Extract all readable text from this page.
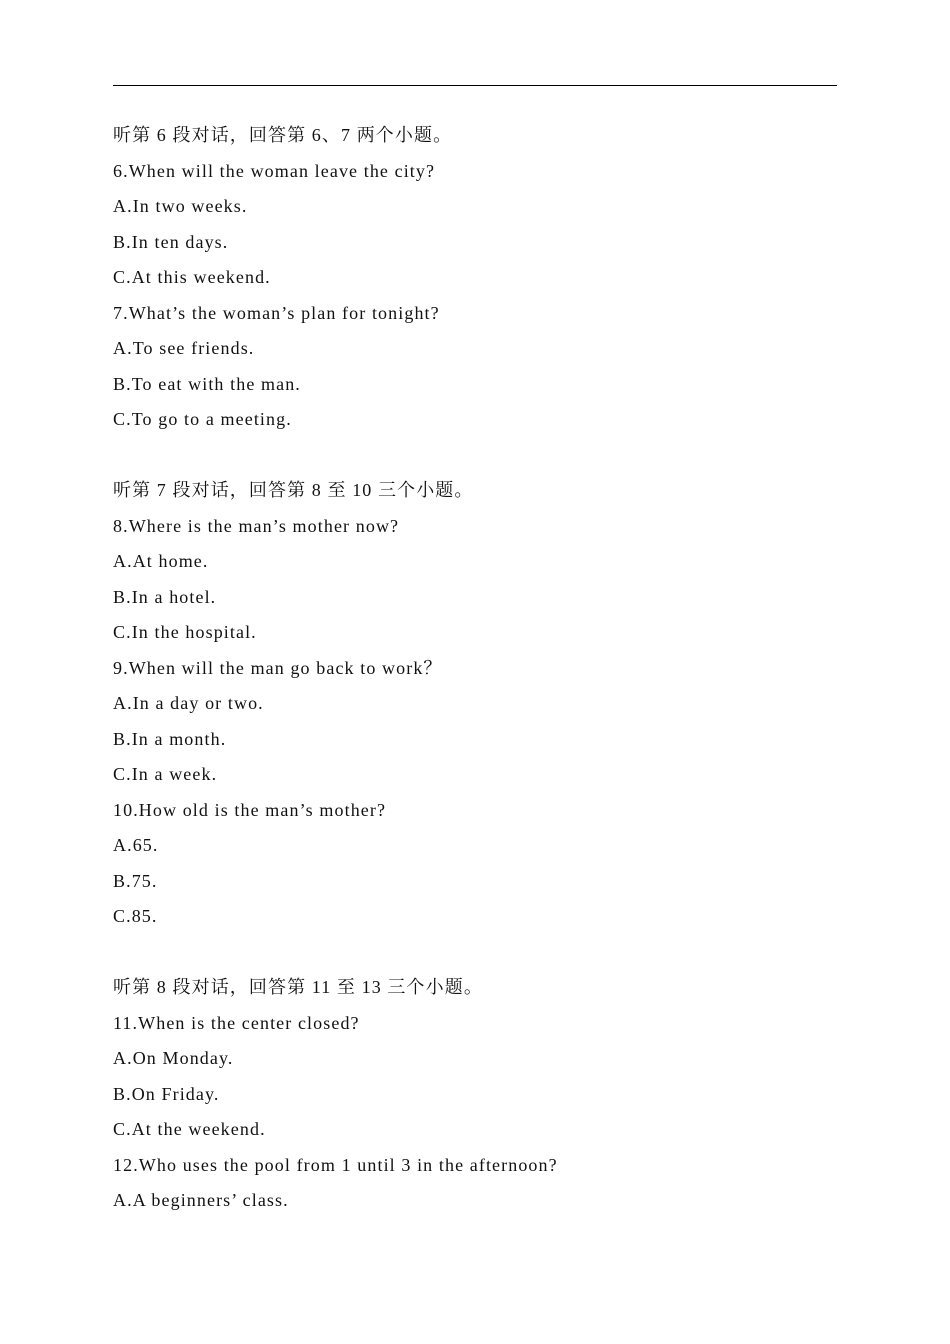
听第 6 段对话，回答第 6、7 两个小题。
6.When will the woman leave the city?
A.In two weeks.
B.In ten days.
C.At this weekend.
7.What’s the woman’s plan for tonight?
A.To see friends.
B.To eat with the man.
C.To go to a meeting.
听第 7 段对话，回答第 8 至 10 三个小题。
8.Where is the man’s mother now?
A.At home.
B.In a hotel.
C.In the hospital.
9.When will the man go back to work？
A.In a day or two.
B.In a month.
C.In a week.
10.How old is the man’s mother?
A.65.
B.75.
C.85.
听第 8 段对话，回答第 11 至 13 三个小题。
11.When is the center closed?
A.On Monday.
B.On Friday.
C.At the weekend.
12.Who uses the pool from 1 until 3 in the afternoon?
A.A beginners’ class.
